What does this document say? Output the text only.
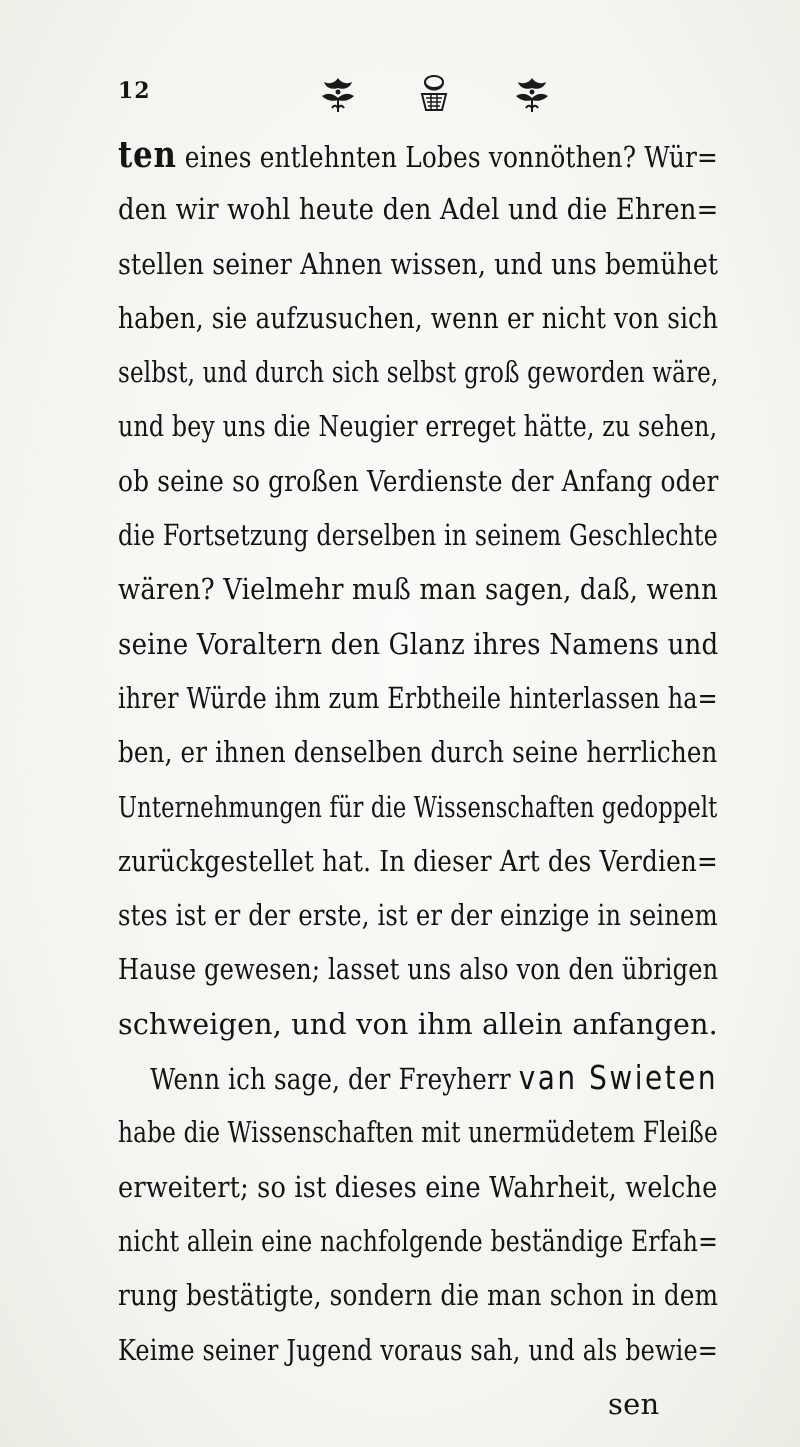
12
ten eines entlehnten Lobes vonnöthen? Wür=
den wir wohl heute den Adel und die Ehren=
stellen seiner Ahnen wissen, und uns bemühet
haben, sie aufzusuchen, wenn er nicht von sich
selbst, und durch sich selbst groß geworden wäre,
und bey uns die Neugier erreget hätte, zu sehen,
ob seine so großen Verdienste der Anfang oder
die Fortsetzung derselben in seinem Geschlechte
wären? Vielmehr muß man sagen, daß, wenn
seine Voraltern den Glanz ihres Namens und
ihrer Würde ihm zum Erbtheile hinterlassen ha=
ben, er ihnen denselben durch seine herrlichen
Unternehmungen für die Wissenschaften gedoppelt
zurückgestellet hat. In dieser Art des Verdien=
stes ist er der erste, ist er der einzige in seinem
Hause gewesen; lasset uns also von den übrigen
schweigen, und von ihm allein anfangen.
Wenn ich sage, der Freyherr van Swieten
habe die Wissenschaften mit unermüdetem Fleiße
erweitert; so ist dieses eine Wahrheit, welche
nicht allein eine nachfolgende beständige Erfah=
rung bestätigte, sondern die man schon in dem
Keime seiner Jugend voraus sah, und als bewie=
sen
